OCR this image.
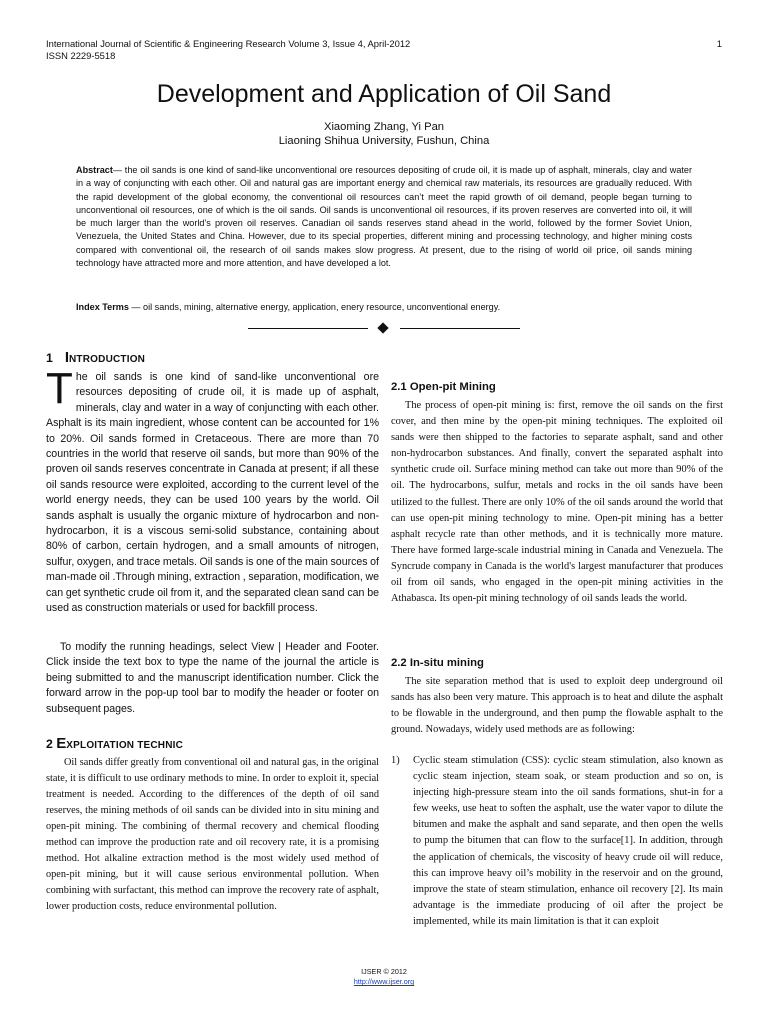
International Journal of Scientific & Engineering Research Volume 3, Issue 4, April-2012
ISSN 2229-5518
1
Development and Application of Oil Sand
Xiaoming Zhang, Yi Pan
Liaoning Shihua University, Fushun, China

Abstract— the oil sands is one kind of sand-like unconventional ore resources depositing of crude oil, it is made up of asphalt, minerals, clay and water in a way of conjuncting with each other. Oil and natural gas are important energy and chemical raw materials, its resources are gradually reduced. With the rapid development of the global economy, the conventional oil resources can’t meet the rapid growth of oil demand, people began turning to unconventional oil resources, one of which is the oil sands. Oil sands is unconventional oil resources, if its proven reserves are converted into oil, it will be much larger than the world’s proven oil reserves. Canadian oil sands reserves stand ahead in the world, followed by the former Soviet Union, Venezuela, the United States and China. However, due to its special properties, different mining and processing technology, and higher mining costs compared with conventional oil, the research of oil sands makes slow progress. At present, due to the rising of world oil price, oil sands mining technology have attracted more and more attention, and have developed a lot.

Index Terms — oil sands, mining, alternative energy, application, enery resource, unconventional energy.

1 INTRODUCTION

The oil sands is one kind of sand-like unconventional ore resources depositing of crude oil, it is made up of asphalt, minerals, clay and water in a way of conjuncting with each other. Asphalt is its main ingredient, whose content can be accounted for 1% to 20%. Oil sands formed in Cretaceous. There are more than 70 countries in the world that reserve oil sands, but more than 90% of the proven oil sands reserves concentrate in Canada at present; if all these oil sands resource were exploited, according to the current level of the world energy needs, they can be used 100 years by the world. Oil sands asphalt is usually the organic mixture of hydrocarbon and non-hydrocarbon, it is a viscous semi-solid substance, containing about 80% of carbon, certain hydrogen, and a small amounts of nitrogen, sulfur, oxygen, and trace metals. Oil sands is one of the main sources of man-made oil .Through mining, extraction , separation, modification, we can get synthetic crude oil from it, and the separated clean sand can be used as construction materials or used for backfill process.

To modify the running headings, select View | Header and Footer. Click inside the text box to type the name of the journal the article is being submitted to and the manuscript identification number. Click the forward arrow in the pop-up tool bar to modify the header or footer on subsequent pages.

2 EXPLOITATION TECHNIC

Oil sands differ greatly from conventional oil and natural gas, in the original state, it is difficult to use ordinary methods to mine. In order to exploit it, special treatment is needed. According to the differences of the depth of oil sand reserves, the mining methods of oil sands can be divided into in situ mining and open-pit mining. The combining of thermal recovery and chemical flooding method can improve the production rate and oil recovery rate, it is a promising method. Hot alkaline extraction method is the most widely used method of open-pit mining, but it will cause serious environmental pollution. When combining with surfactant, this method can improve the recovery rate of asphalt, lower production costs, reduce environmental pollution.

2.1 Open-pit Mining

The process of open-pit mining is: first, remove the oil sands on the first cover, and then mine by the open-pit mining techniques. The exploited oil sands were then shipped to the factories to separate asphalt, sand and other non-hydrocarbon substances. And finally, convert the separated asphalt into synthetic crude oil. Surface mining method can take out more than 90% of the oil. The hydrocarbons, sulfur, metals and rocks in the oil sands have been utilized to the fullest. There are only 10% of the oil sands around the world that can use open-pit mining technology to mine. Open-pit mining has a better asphalt recycle rate than other methods, and it is technically more mature. There have formed large-scale industrial mining in Canada and Venezuela. The Syncrude company in Canada is the world's largest manufacturer that produces oil from oil sands, who engaged in the open-pit mining activities in the Athabasca. Its open-pit mining technology of oil sands leads the world.

2.2 In-situ mining

The site separation method that is used to exploit deep underground oil sands has also been very mature. This approach is to heat and dilute the asphalt to be flowable in the underground, and then pump the flowable asphalt to the ground. Nowadays, widely used methods are as following:

1) Cyclic steam stimulation (CSS): cyclic steam stimulation, also known as cyclic steam injection, steam soak, or steam production and so on, is injecting high-pressure steam into the oil sands formations, shut-in for a few weeks, use heat to soften the asphalt, use the water vapor to dilute the bitumen and make the asphalt and sand separate, and then open the wells to pump the bitumen that can flow to the surface[1]. In addition, through the application of chemicals, the viscosity of heavy crude oil will reduce, this can improve heavy oil’s mobility in the reservoir and on the ground, improve the state of steam stimulation, enhance oil recovery [2]. Its main advantage is the immediate producing of oil after the project be implemented, while its main limitation is that it can exploit
IJSER © 2012
http://www.ijser.org
